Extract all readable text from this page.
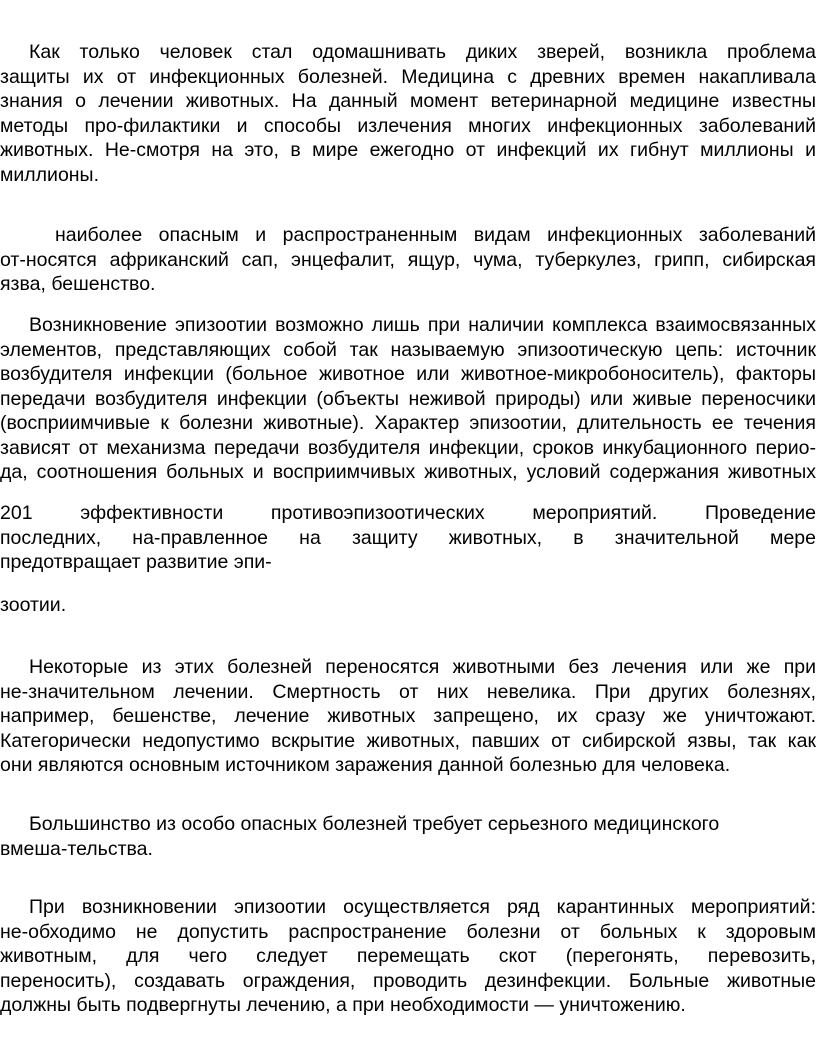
Как только человек стал одомашнивать диких зверей, возникла проблема
защиты их от инфекционных болезней. Медицина с древних времен накапливала
знания о лечении животных. На данный момент ветеринарной медицине известны
методы про-филактики и способы излечения многих инфекционных заболеваний
животных. Не-смотря на это, в мире ежегодно от инфекций их гибнут миллионы и
миллионы.
наиболее опасным и распространенным видам инфекционных заболеваний
от-носятся африканский сап, энцефалит, ящур, чума, туберкулез, грипп, сибирская
язва, бешенство.
Возникновение эпизоотии возможно лишь при наличии комплекса взаимосвязанных
элементов, представляющих собой так называемую эпизоотическую цепь: источник
возбудителя инфекции (больное животное или животное-микробоноситель), факторы
передачи возбудителя инфекции (объекты неживой природы) или живые переносчики
(восприимчивые к болезни животные). Характер эпизоотии, длительность ее течения
зависят от механизма передачи возбудителя инфекции, сроков инкубационного перио-
да, соотношения больных и восприимчивых животных, условий содержания животных
201 эффективности противоэпизоотических мероприятий. Проведение
последних, на-правленное на защиту животных, в значительной мере
предотвращает развитие эпи-
зоотии.
Некоторые из этих болезней переносятся животными без лечения или же при
не-значительном лечении. Смертность от них невелика. При других болезнях,
например, бешенстве, лечение животных запрещено, их сразу же уничтожают.
Категорически недопустимо вскрытие животных, павших от сибирской язвы, так как
они являются основным источником заражения данной болезнью для человека.
Большинство из особо опасных болезней требует серьезного медицинского
вмеша-тельства.
При возникновении эпизоотии осуществляется ряд карантинных мероприятий:
не-обходимо не допустить распространение болезни от больных к здоровым
животным, для чего следует перемещать скот (перегонять, перевозить,
переносить), создавать ограждения, проводить дезинфекции. Больные животные
должны быть подвергнуты лечению, а при необходимости — уничтожению.
